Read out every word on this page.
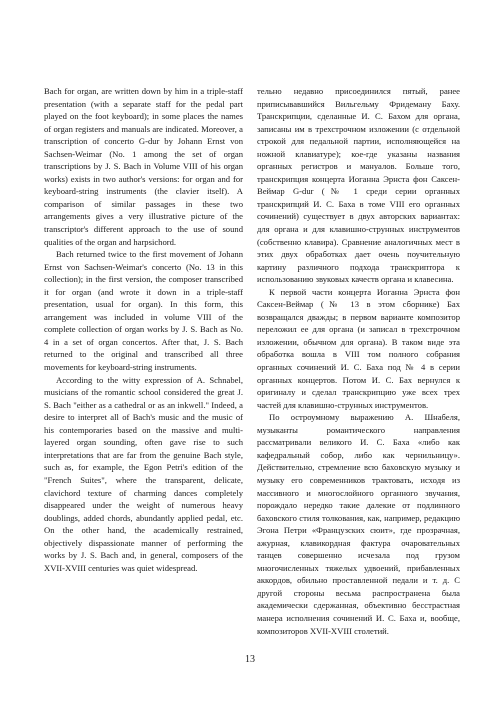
Bach for organ, are written down by him in a triple-staff presentation (with a separate staff for the pedal part played on the foot keyboard); in some places the names of organ registers and manuals are indicated. Moreover, a transcription of concerto G-dur by Johann Ernst von Sachsen-Weimar (No. 1 among the set of organ transcriptions by J. S. Bach in Volume VIII of his organ works) exists in two author's versions: for organ and for keyboard-string instruments (the clavier itself). A comparison of similar passages in these two arrangements gives a very illustrative picture of the transcriptor's different approach to the use of sound qualities of the organ and harpsichord.

Bach returned twice to the first movement of Johann Ernst von Sachsen-Weimar's concerto (No. 13 in this collection); in the first version, the composer transcribed it for organ (and wrote it down in a triple-staff presentation, usual for organ). In this form, this arrangement was included in volume VIII of the complete collection of organ works by J. S. Bach as No. 4 in a set of organ concertos. After that, J. S. Bach returned to the original and transcribed all three movements for keyboard-string instruments.

According to the witty expression of A. Schnabel, musicians of the romantic school considered the great J. S. Bach "either as a cathedral or as an inkwell." Indeed, a desire to interpret all of Bach's music and the music of his contemporaries based on the massive and multi-layered organ sounding, often gave rise to such interpretations that are far from the genuine Bach style, such as, for example, the Egon Petri's edition of the "French Suites", where the transparent, delicate, clavichord texture of charming dances completely disappeared under the weight of numerous heavy doublings, added chords, abundantly applied pedal, etc. On the other hand, the academically restrained, objectively dispassionate manner of performing the works by J. S. Bach and, in general, composers of the XVII-XVIII centuries was quiet widespread.

тельно недавно присоединился пятый, ранее приписывавшийся Вильгельму Фридеману Баху. Транскрипции, сделанные И. С. Бахом для органа, записаны им в трехстрочном изложении (с отдельной строкой для педальной партии, исполняющейся на ножной клавиатуре); кое-где указаны названия органных регистров и мануалов. Больше того, транскрипция концерта Иоганна Эрнста фон Саксен-Веймар G-dur (№ 1 среди серии органных транскрипций И. С. Баха в томе VIII его органных сочинений) существует в двух авторских вариантах: для органа и для клавишно-струнных инструментов (собственно клавира). Сравнение аналогичных мест в этих двух обработках дает очень поучительную картину различного подхода транскриптора к использованию звуковых качеств органа и клавесина.

К первой части концерта Иоганна Эрнста фон Саксен-Веймар (№ 13 в этом сборнике) Бах возвращался дважды; в первом варианте композитор переложил ее для органа (и записал в трехстрочном изложении, обычном для органа). В таком виде эта обработка вошла в VIII том полного собрания органных сочинений И. С. Баха под № 4 в серии органных концертов. Потом И. С. Бах вернулся к оригиналу и сделал транскрипцию уже всех трех частей для клавишно-струнных инструментов.

По остроумному выражению А. Шнабеля, музыканты романтического направления рассматривали великого И. С. Баха «либо как кафедральный собор, либо как чернильницу». Действительно, стремление всю баховскую музыку и музыку его современников трактовать, исходя из массивного и многослойного органного звучания, порождало нередко такие далекие от подлинного баховского стиля толкования, как, например, редакцию Эгона Петри «Французских сюит», где прозрачная, ажурная, клавикордная фактура очаровательных танцев совершенно исчезала под грузом многочисленных тяжелых удвоений, прибавленных аккордов, обильно проставленной педали и т. д. С другой стороны весьма распространена была академически сдержанная, объективно бесстрастная манера исполнения сочинений И. С. Баха и, вообще, композиторов XVII-XVIII столетий.

13
